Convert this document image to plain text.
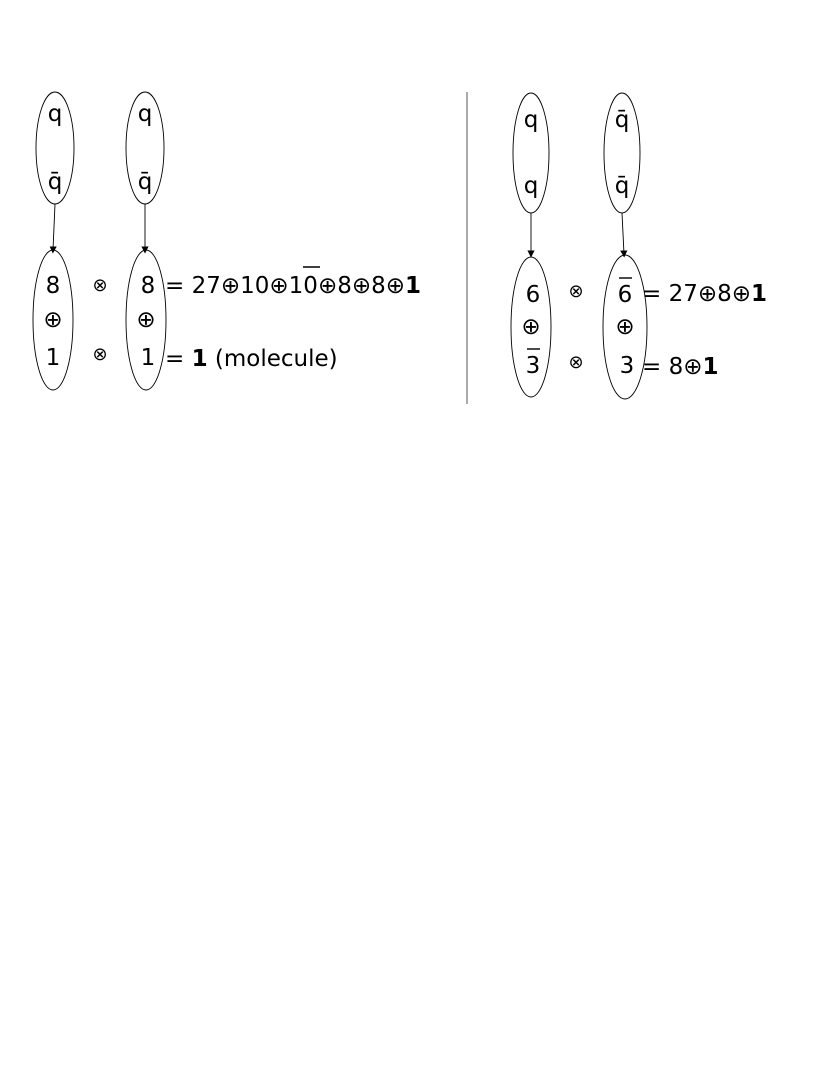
q
q̄
q
q̄
8
⊕
1
8
⊕
1
⊗
⊗
= 27⊕10⊕10⊕8⊕8⊕1
= 1 (molecule)
q
q
q̄
q̄
6
⊕
3
6
⊕
3
⊗
⊗
= 27⊕8⊕1
= 8⊕1
